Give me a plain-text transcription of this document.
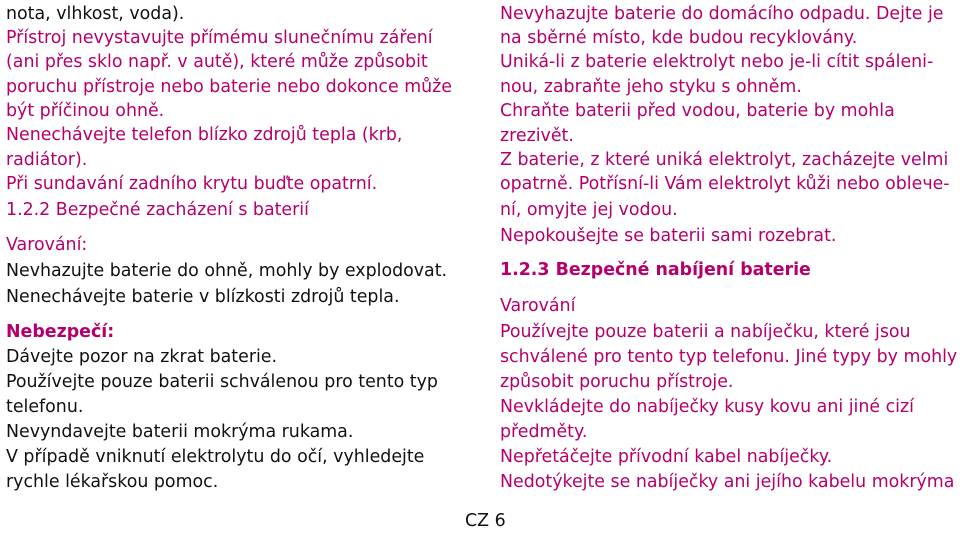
nota, vlhkost, voda).
Přístroj nevystavujte přímému slunečnímu záření
(ani přes sklo např. v autě), které může způsobit
poruchu přístroje nebo baterie nebo dokonce může
být příčinou ohně.
Nenechávejte telefon blízko zdrojů tepla (krb,
radiátor).
Při sundavání zadního krytu buďte opatrní.
1.2.2 Bezpečné zacházení s baterií
Varování:
Nevhazujte baterie do ohně, mohly by explodovat.
Nenechávejte baterie v blízkosti zdrojů tepla.
Nebezpečí:
Dávejte pozor na zkrat baterie.
Používejte pouze baterii schválenou pro tento typ
telefonu.
Nevyndavejte baterii mokrýma rukama.
V případě vniknutí elektrolytu do očí, vyhledejte
rychle lékařskou pomoc.
Nevyhazujte baterie do domácího odpadu. Dejte je
na sběrné místo, kde budou recyklovány.
Uniká-li z baterie elektrolyt nebo je-li cítit spáleni-
nou, zabraňte jeho styku s ohněm.
Chraňte baterii před vodou, baterie by mohla
zrezivět.
Z baterie, z které uniká elektrolyt, zacházejte velmi
opatrně. Potřísní-li Vám elektrolyt kůži nebo oblече-
ní, omyjte jej vodou.
Nepokoušejte se baterii sami rozebrat.
1.2.3 Bezpečné nabíjení baterie
Varování
Používejte pouze baterii a nabíječku, které jsou
schválené pro tento typ telefonu. Jiné typy by mohly
způsobit poruchu přístroje.
Nevkládejte do nabíječky kusy kovu ani jiné cizí
předměty.
Nepřetáčejte přívodní kabel nabíječky.
Nedotýkejte se nabíječky ani jejího kabelu mokrýma
CZ 6
